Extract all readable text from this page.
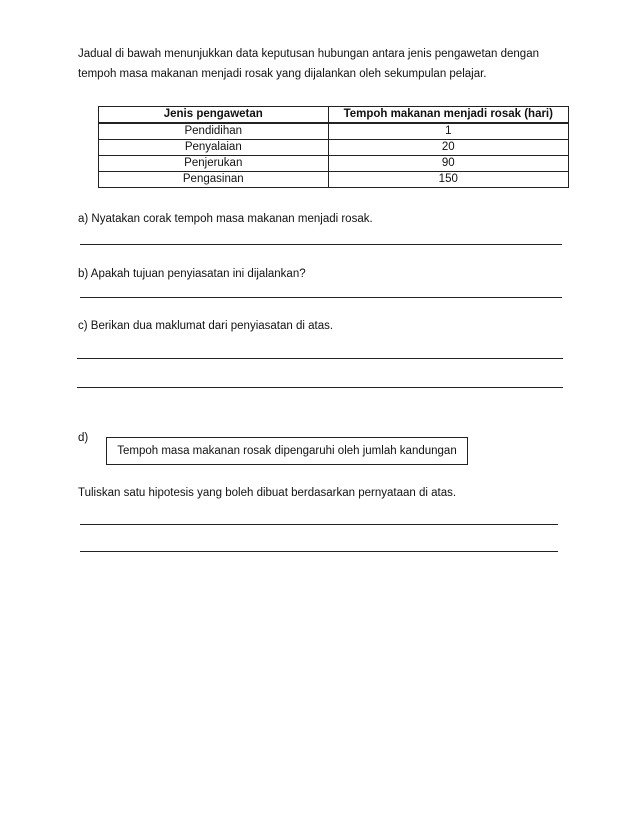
Jadual di bawah menunjukkan data keputusan hubungan antara jenis pengawetan dengan
tempoh masa makanan menjadi rosak yang dijalankan oleh sekumpulan pelajar.
Jenis pengawetan	Tempoh makanan menjadi rosak (hari)
Pendidihan	1
Penyalaian	20
Penjerukan	90
Pengasinan	150
a) Nyatakan corak tempoh masa makanan menjadi rosak.
b) Apakah tujuan penyiasatan ini dijalankan?
c) Berikan dua maklumat dari penyiasatan di atas.
d)
Tempoh masa makanan rosak dipengaruhi oleh jumlah kandungan
Tuliskan satu hipotesis yang boleh dibuat berdasarkan pernyataan di atas.
